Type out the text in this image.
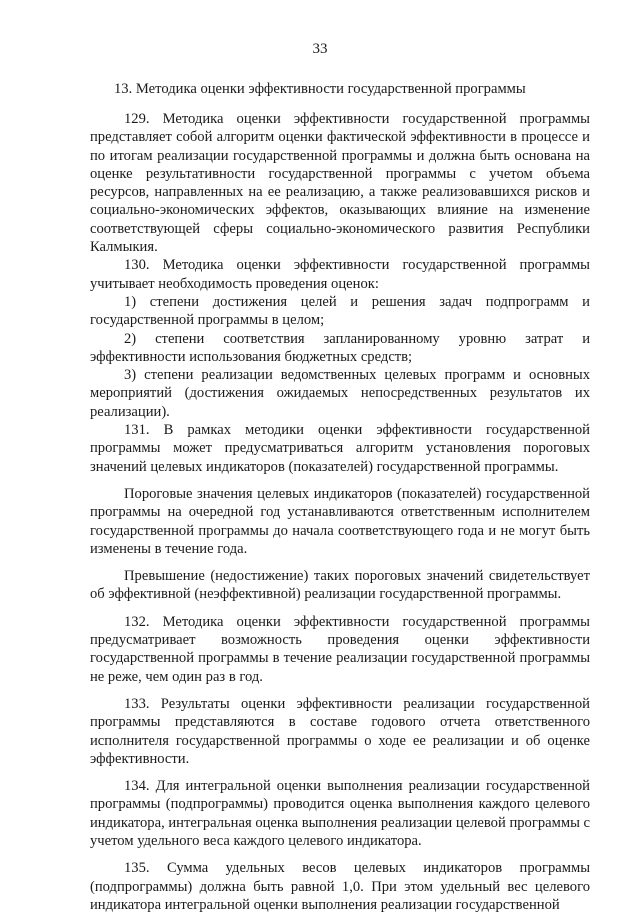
33
13. Методика оценки эффективности государственной программы

129. Методика оценки эффективности государственной программы представляет собой алгоритм оценки фактической эффективности в процессе и по итогам реализации государственной программы и должна быть основана на оценке результативности государственной программы с учетом объема ресурсов, направленных на ее реализацию, а также реализовавшихся рисков и социально-экономических эффектов, оказывающих влияние на изменение соответствующей сферы социально-экономического развития Республики Калмыкия.

130. Методика оценки эффективности государственной программы учитывает необходимость проведения оценок:

1) степени достижения целей и решения задач подпрограмм и государственной программы в целом;

2) степени соответствия запланированному уровню затрат и эффективности использования бюджетных средств;

3) степени реализации ведомственных целевых программ и основных мероприятий (достижения ожидаемых непосредственных результатов их реализации).

131. В рамках методики оценки эффективности государственной программы может предусматриваться алгоритм установления пороговых значений целевых индикаторов (показателей) государственной программы.

Пороговые значения целевых индикаторов (показателей) государственной программы на очередной год устанавливаются ответственным исполнителем государственной программы до начала соответствующего года и не могут быть изменены в течение года.

Превышение (недостижение) таких пороговых значений свидетельствует об эффективной (неэффективной) реализации государственной программы.

132. Методика оценки эффективности государственной программы предусматривает возможность проведения оценки эффективности государственной программы в течение реализации государственной программы не реже, чем один раз в год.

133. Результаты оценки эффективности реализации государственной программы представляются в составе годового отчета ответственного исполнителя государственной программы о ходе ее реализации и об оценке эффективности.

134. Для интегральной оценки выполнения реализации государственной программы (подпрограммы) проводится оценка выполнения каждого целевого индикатора, интегральная оценка выполнения реализации целевой программы с учетом удельного веса каждого целевого индикатора.

135. Сумма удельных весов целевых индикаторов программы (подпрограммы) должна быть равной 1,0. При этом удельный вес целевого индикатора интегральной оценки выполнения реализации государственной
